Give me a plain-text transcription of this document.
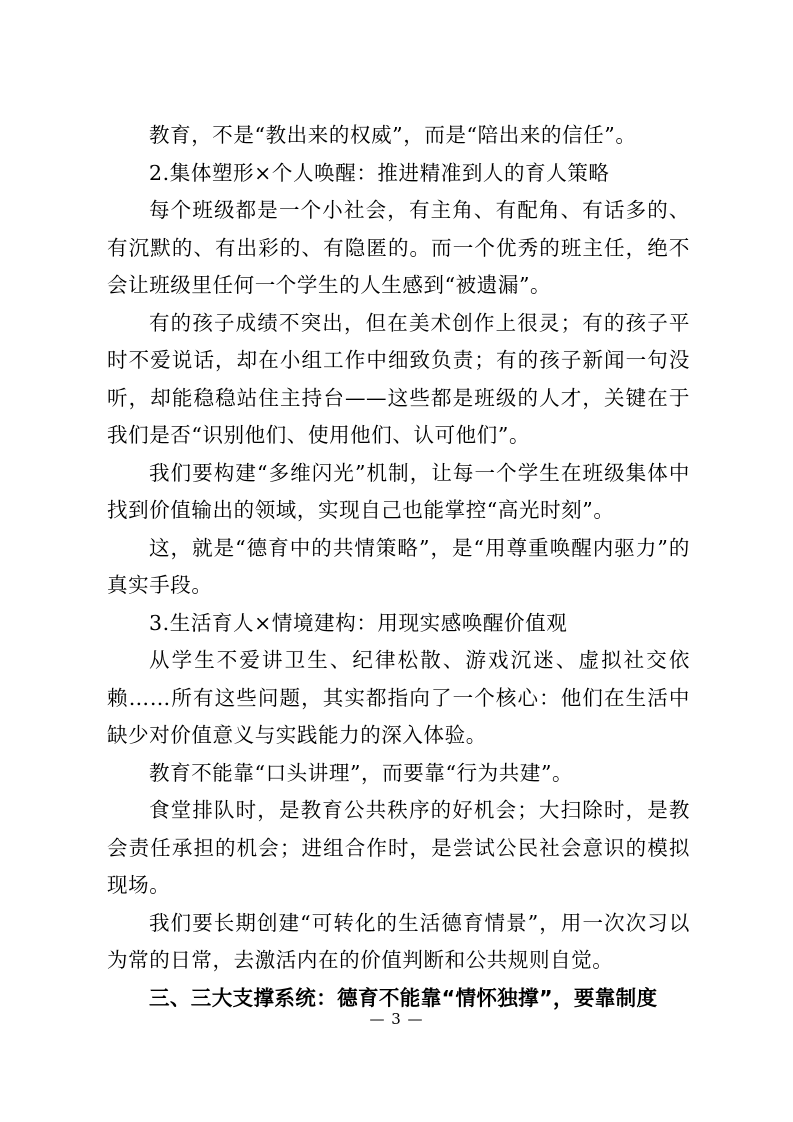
教育，不是“教出来的权威”，而是“陪出来的信任”。

2.集体塑形×个人唤醒：推进精准到人的育人策略

每个班级都是一个小社会，有主角、有配角、有话多的、有沉默的、有出彩的、有隐匿的。而一个优秀的班主任，绝不会让班级里任何一个学生的人生感到“被遗漏”。

有的孩子成绩不突出，但在美术创作上很灵；有的孩子平时不爱说话，却在小组工作中细致负责；有的孩子新闻一句没听，却能稳稳站住主持台——这些都是班级的人才，关键在于我们是否“识别他们、使用他们、认可他们”。

我们要构建“多维闪光”机制，让每一个学生在班级集体中找到价值输出的领域，实现自己也能掌控“高光时刻”。

这，就是“德育中的共情策略”，是“用尊重唤醒内驱力”的真实手段。

3.生活育人×情境建构：用现实感唤醒价值观

从学生不爱讲卫生、纪律松散、游戏沉迷、虚拟社交依赖……所有这些问题，其实都指向了一个核心：他们在生活中缺少对价值意义与实践能力的深入体验。

教育不能靠“口头讲理”，而要靠“行为共建”。

食堂排队时，是教育公共秩序的好机会；大扫除时，是教会责任承担的机会；进组合作时，是尝试公民社会意识的模拟现场。

我们要长期创建“可转化的生活德育情景”，用一次次习以为常的日常，去激活内在的价值判断和公共规则自觉。

三、三大支撑系统：德育不能靠“情怀独撑”，要靠制度

— 3 —
